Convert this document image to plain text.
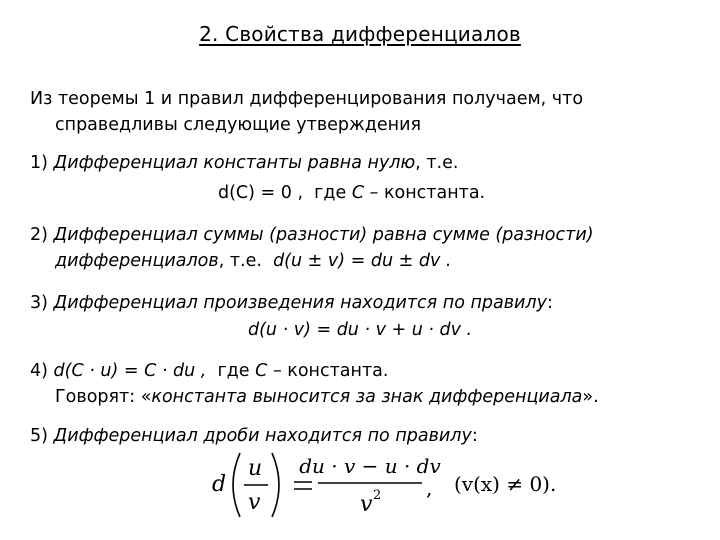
2. Свойства дифференциалов
Из теоремы 1 и правил дифференцирования получаем, что
справедливы следующие утверждения
1) Дифференциал константы равна нулю, т.е.
d(C) = 0 , где C – константа.
2) Дифференциал суммы (разности) равна сумме (разности)
дифференциалов, т.е. d(u ± v) = du ± dv .
3) Дифференциал произведения находится по правилу:
d(u · v) = du · v + u · dv .
4) d(C · u) = C · du , где C – константа.
Говорят: «константа выносится за знак дифференциала».
5) Дифференциал дроби находится по правилу:
d
u
v
du · v − u · dv
v 2 , (v(x) ≠ 0).
